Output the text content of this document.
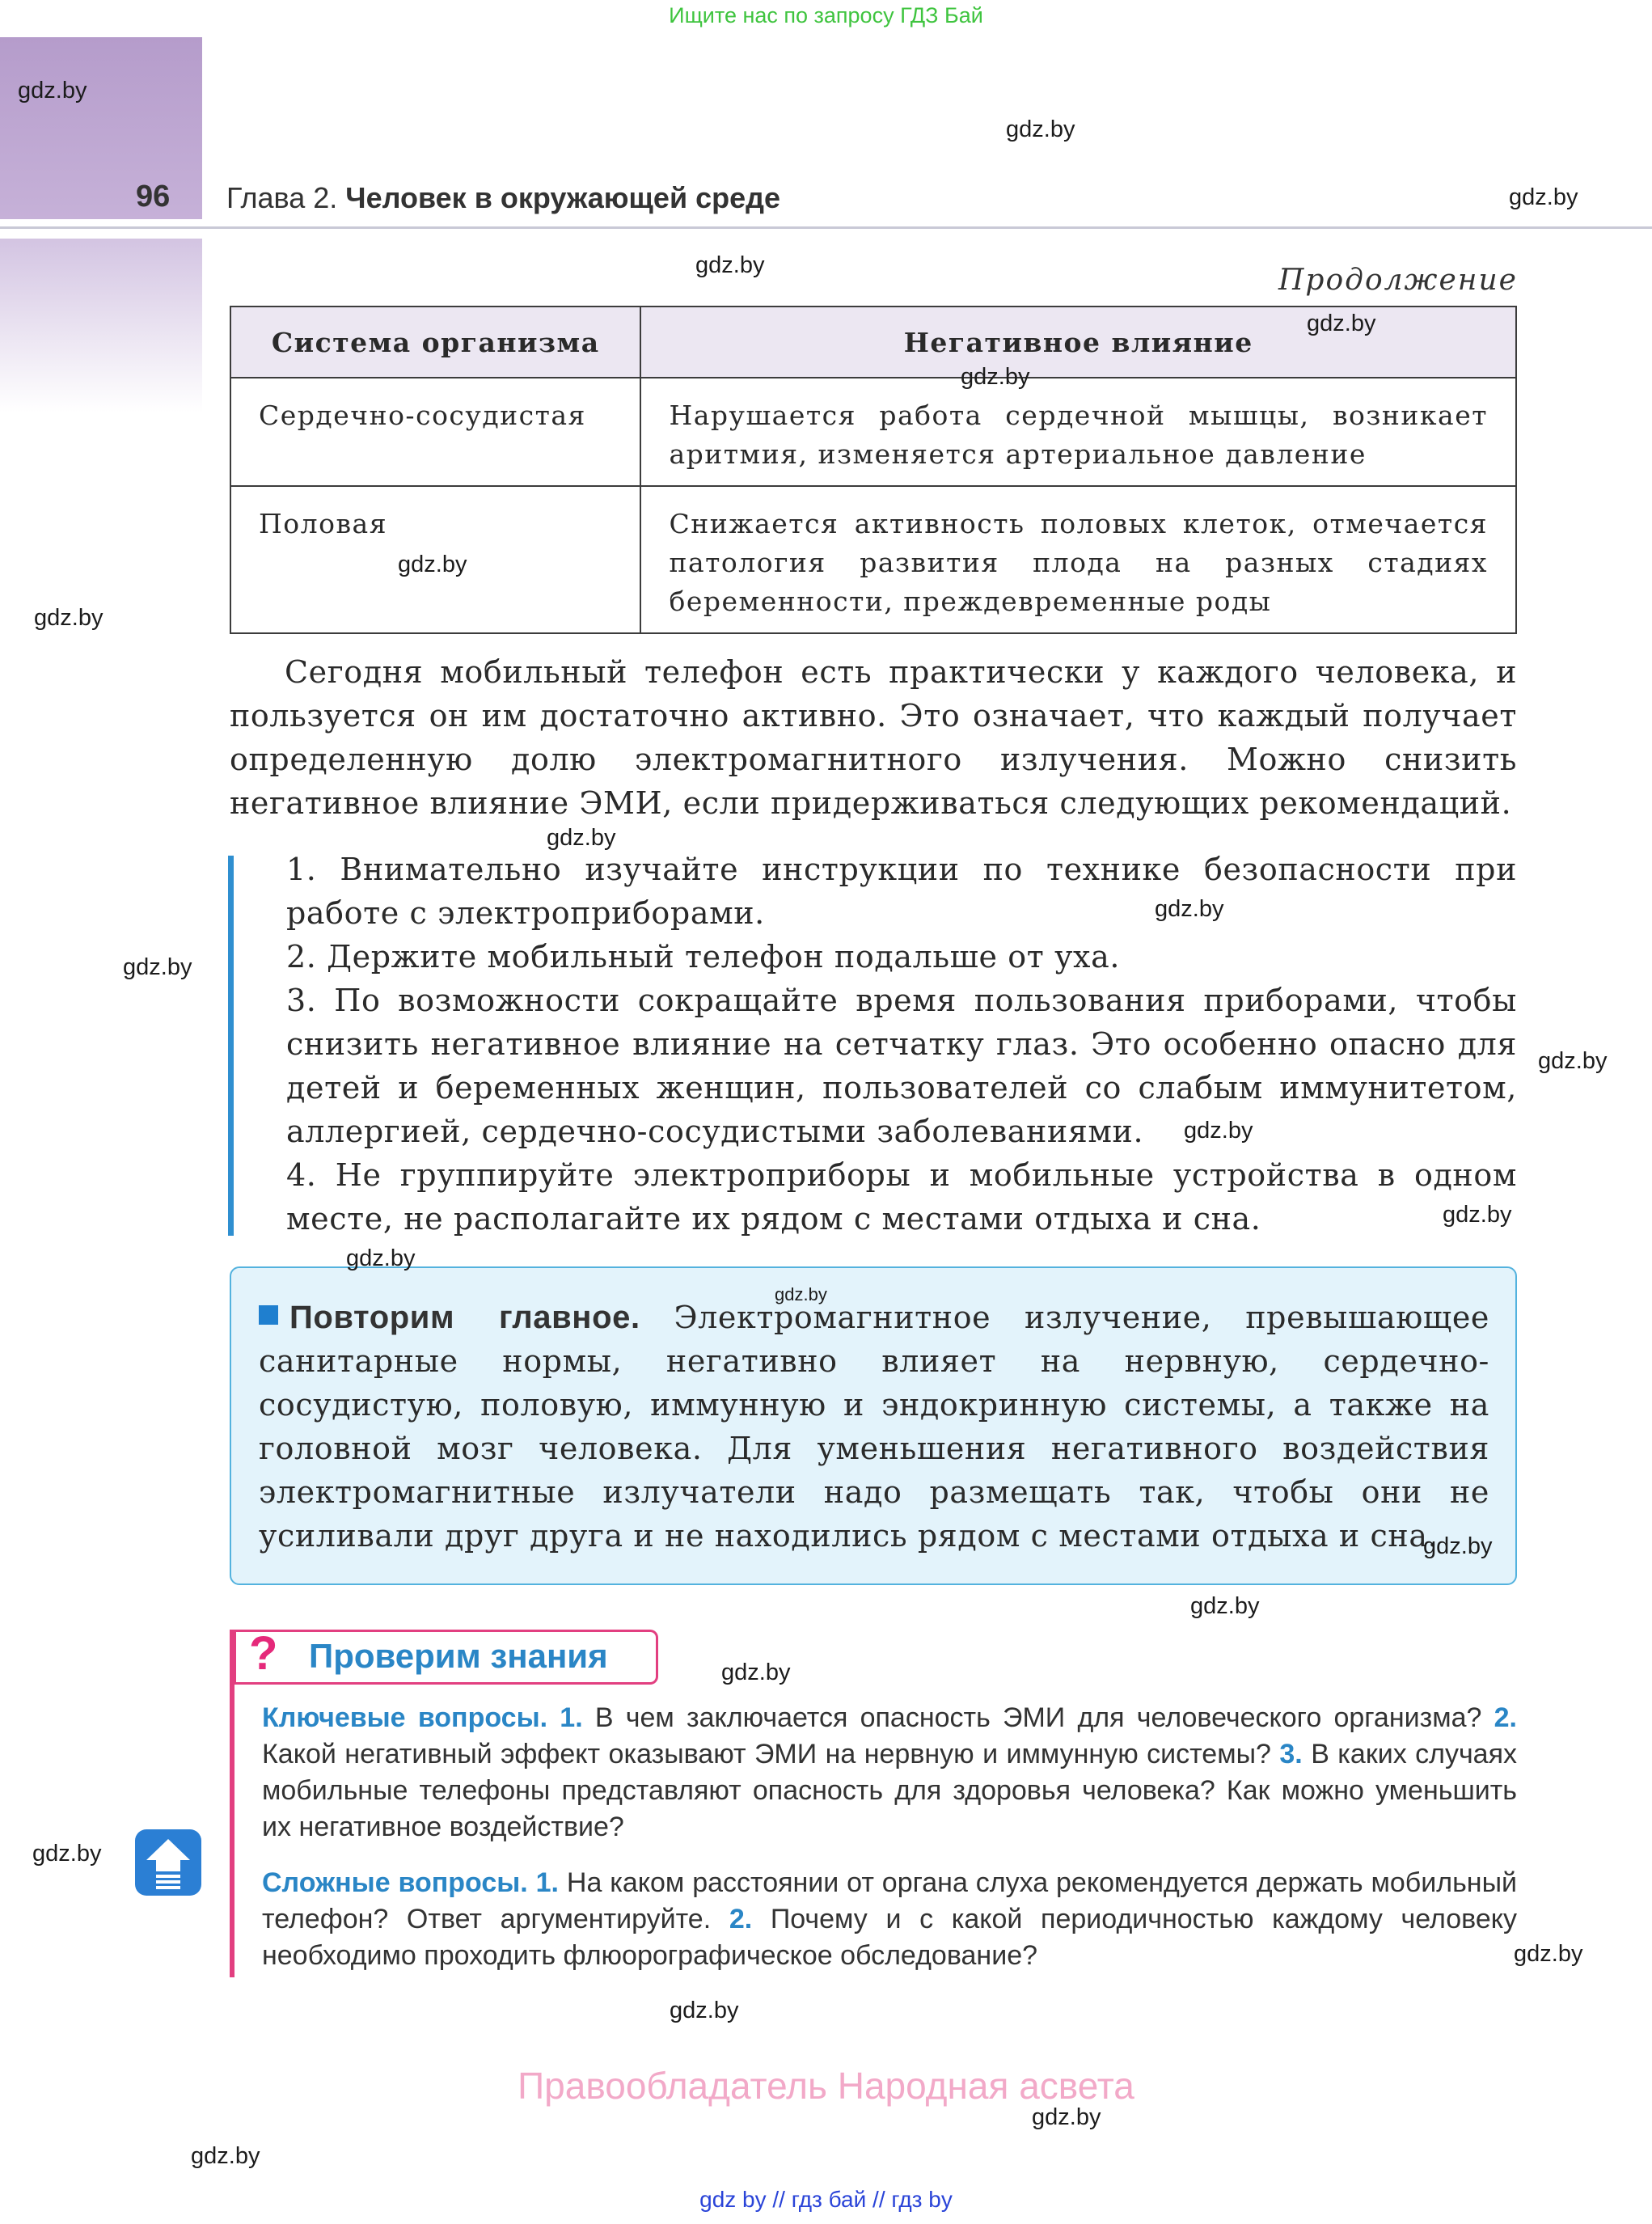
Ищите нас по запросу ГДЗ Бай
96 Глава 2. Человек в окружающей среде
Продолжение
Система организма	Негативное влияние
Сердечно-сосудистая	Нарушается работа сердечной мышцы, возникает аритмия, изменяется артериальное давление
Половая	Снижается активность половых клеток, отмечается патология развития плода на разных стадиях беременности, преждевременные роды
Сегодня мобильный телефон есть практически у каждого человека, и пользуется он им достаточно активно. Это означает, что каждый получает определенную долю электромагнитного излучения. Можно снизить негативное влияние ЭМИ, если придерживаться следующих рекомендаций.

1. Внимательно изучайте инструкции по технике безопасности при работе с электроприборами.

2. Держите мобильный телефон подальше от уха.

3. По возможности сокращайте время пользования приборами, чтобы снизить негативное влияние на сетчатку глаз. Это особенно опасно для детей и беременных женщин, пользователей со слабым иммунитетом, аллергией, сердечно-сосудистыми заболеваниями.

4. Не группируйте электроприборы и мобильные устройства в одном месте, не располагайте их рядом с местами отдыха и сна.

Повторим главное. Электромагнитное излучение, превышающее санитарные нормы, негативно влияет на нервную, сердечно-сосудистую, половую, иммунную и эндокринную системы, а также на головной мозг человека. Для уменьшения негативного воздействия электромагнитные излучатели надо размещать так, чтобы они не усиливали друг друга и не находились рядом с местами отдыха и сна.
? Проверим знания
Ключевые вопросы. 1. В чем заключается опасность ЭМИ для человеческого организма? 2. Какой негативный эффект оказывают ЭМИ на нервную и иммунную системы? 3. В каких случаях мобильные телефоны представляют опасность для здоровья человека? Как можно уменьшить их негативное воздействие?
Сложные вопросы. 1. На каком расстоянии от органа слуха рекомендуется держать мобильный телефон? Ответ аргументируйте. 2. Почему и с какой периодичностью каждому человеку необходимо проходить флюорографическое обследование?
Правообладатель Народная асвета
gdz by // гдз бай // гдз by
gdz.by
gdz.by
gdz.by
gdz.by
gdz.by
gdz.by
gdz.by
gdz.by
gdz.by
gdz.by
gdz.by
gdz.by
gdz.by
gdz.by
gdz.by
gdz.by
gdz.by
gdz.by
gdz.by
gdz.by
gdz.by
gdz.by
gdz.by
gdz.by
